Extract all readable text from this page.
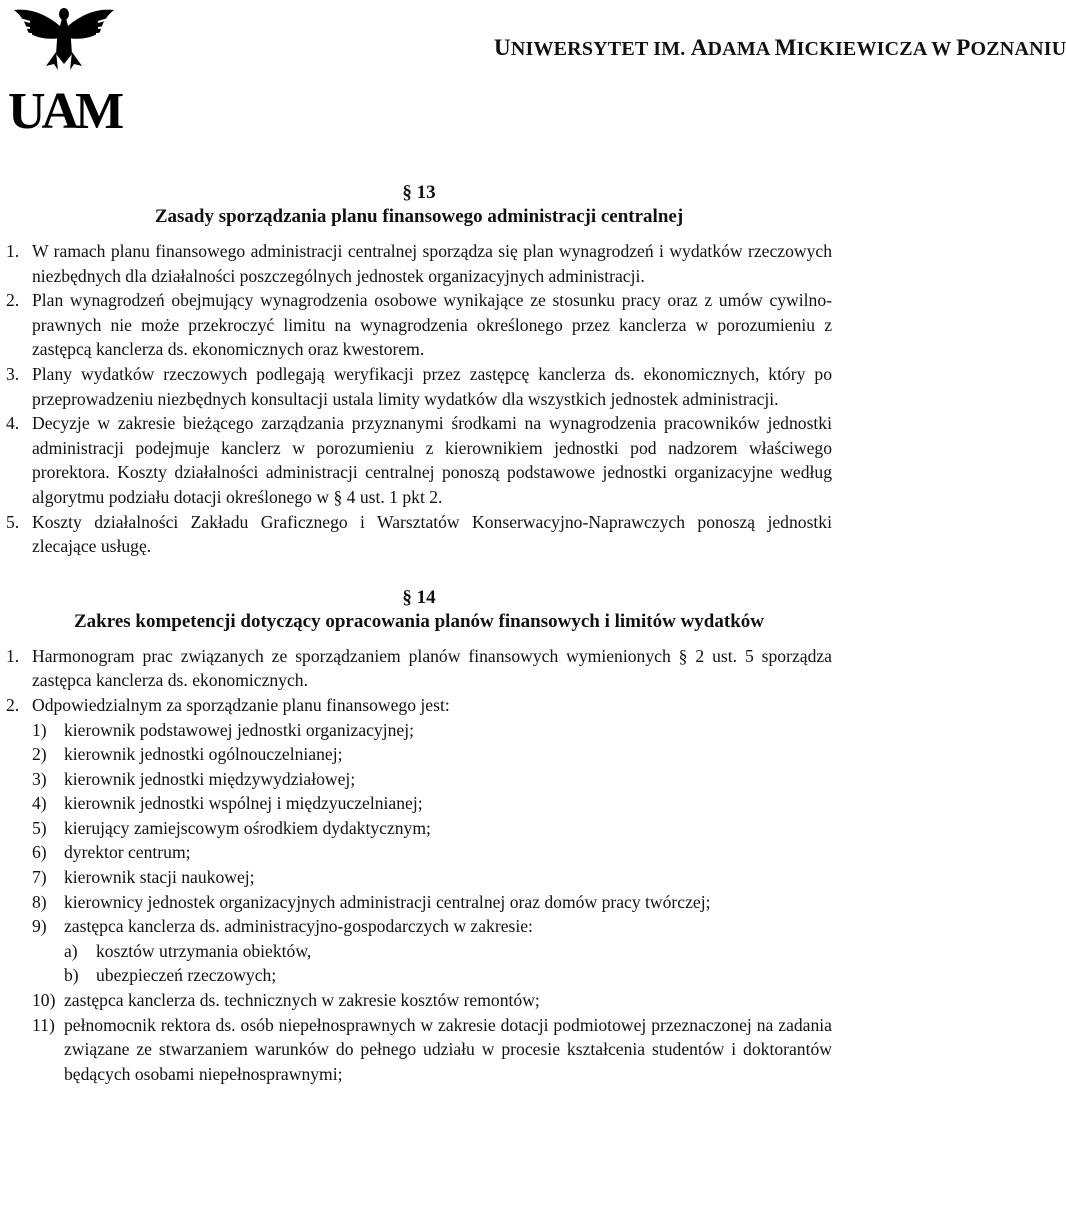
UAM
UNIWERSYTET IM. ADAMA MICKIEWICZA W POZNANIU
§ 13
Zasady sporządzania planu finansowego administracji centralnej
1. W ramach planu finansowego administracji centralnej sporządza się plan wynagrodzeń i wydatków rzeczowych niezbędnych dla działalności poszczególnych jednostek organizacyjnych administracji.
2. Plan wynagrodzeń obejmujący wynagrodzenia osobowe wynikające ze stosunku pracy oraz z umów cywilno-prawnych nie może przekroczyć limitu na wynagrodzenia określonego przez kanclerza w porozumieniu z zastępcą kanclerza ds. ekonomicznych oraz kwestorem.
3. Plany wydatków rzeczowych podlegają weryfikacji przez zastępcę kanclerza ds. ekonomicznych, który po przeprowadzeniu niezbędnych konsultacji ustala limity wydatków dla wszystkich jednostek administracji.
4. Decyzje w zakresie bieżącego zarządzania przyznanymi środkami na wynagrodzenia pracowników jednostki administracji podejmuje kanclerz w porozumieniu z kierownikiem jednostki pod nadzorem właściwego prorektora. Koszty działalności administracji centralnej ponoszą podstawowe jednostki organizacyjne według algorytmu podziału dotacji określonego w § 4 ust. 1 pkt 2.
5. Koszty działalności Zakładu Graficznego i Warsztatów Konserwacyjno-Naprawczych ponoszą jednostki zlecające usługę.
§ 14
Zakres kompetencji dotyczący opracowania planów finansowych i limitów wydatków
1. Harmonogram prac związanych ze sporządzaniem planów finansowych wymienionych § 2 ust. 5 sporządza zastępca kanclerza ds. ekonomicznych.
2. Odpowiedzialnym za sporządzanie planu finansowego jest:
1) kierownik podstawowej jednostki organizacyjnej;
2) kierownik jednostki ogólnouczelnianej;
3) kierownik jednostki międzywydziałowej;
4) kierownik jednostki wspólnej i międzyuczelnianej;
5) kierujący zamiejscowym ośrodkiem dydaktycznym;
6) dyrektor centrum;
7) kierownik stacji naukowej;
8) kierownicy jednostek organizacyjnych administracji centralnej oraz domów pracy twórczej;
9) zastępca kanclerza ds. administracyjno-gospodarczych w zakresie:
a)	kosztów utrzymania obiektów,
b) ubezpieczeń rzeczowych;
10) zastępca kanclerza ds. technicznych w zakresie kosztów remontów;
11) pełnomocnik rektora ds. osób niepełnosprawnych w zakresie dotacji podmiotowej przeznaczonej na zadania związane ze stwarzaniem warunków do pełnego udziału w procesie kształcenia studentów i doktorantów będących osobami niepełnosprawnymi;
